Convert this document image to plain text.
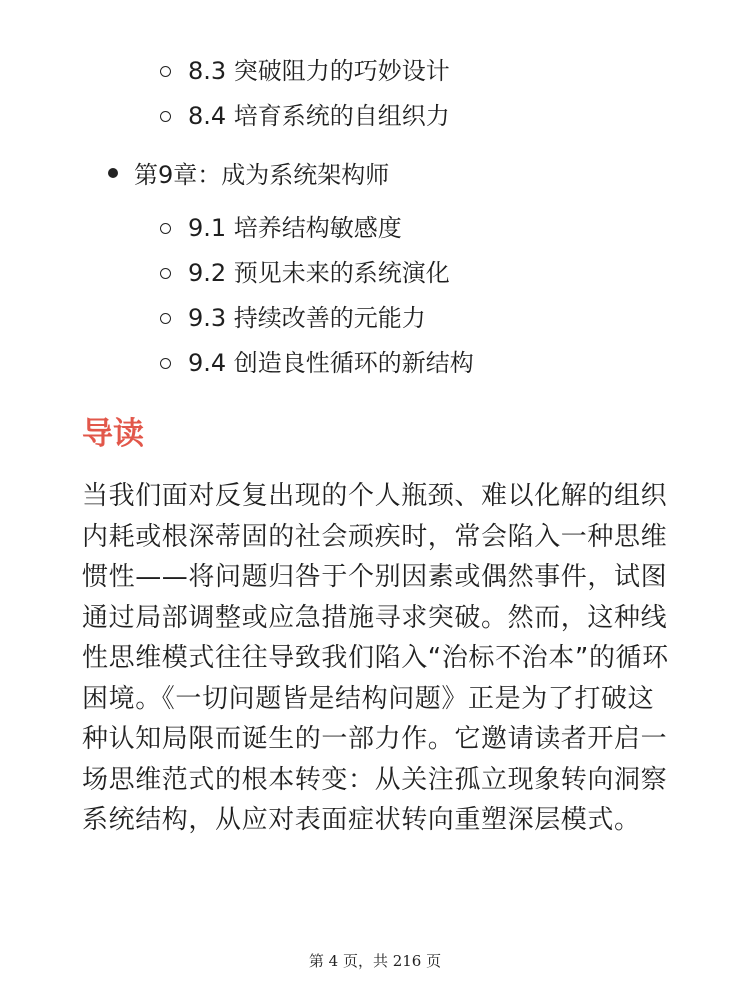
8.3 突破阻力的巧妙设计
8.4 培育系统的自组织力
第9章：成为系统架构师
9.1 培养结构敏感度
9.2 预见未来的系统演化
9.3 持续改善的元能力
9.4 创造良性循环的新结构
导读

当我们面对反复出现的个人瓶颈、难以化解的组织内耗或根深蒂固的社会顽疾时，常会陷入一种思维惯性——将问题归咎于个别因素或偶然事件，试图通过局部调整或应急措施寻求突破。然而，这种线性思维模式往往导致我们陷入“治标不治本”的循环困境。《一切问题皆是结构问题》正是为了打破这种认知局限而诞生的一部力作。它邀请读者开启一场思维范式的根本转变：从关注孤立现象转向洞察系统结构，从应对表面症状转向重塑深层模式。

第 4 页，共 216 页
